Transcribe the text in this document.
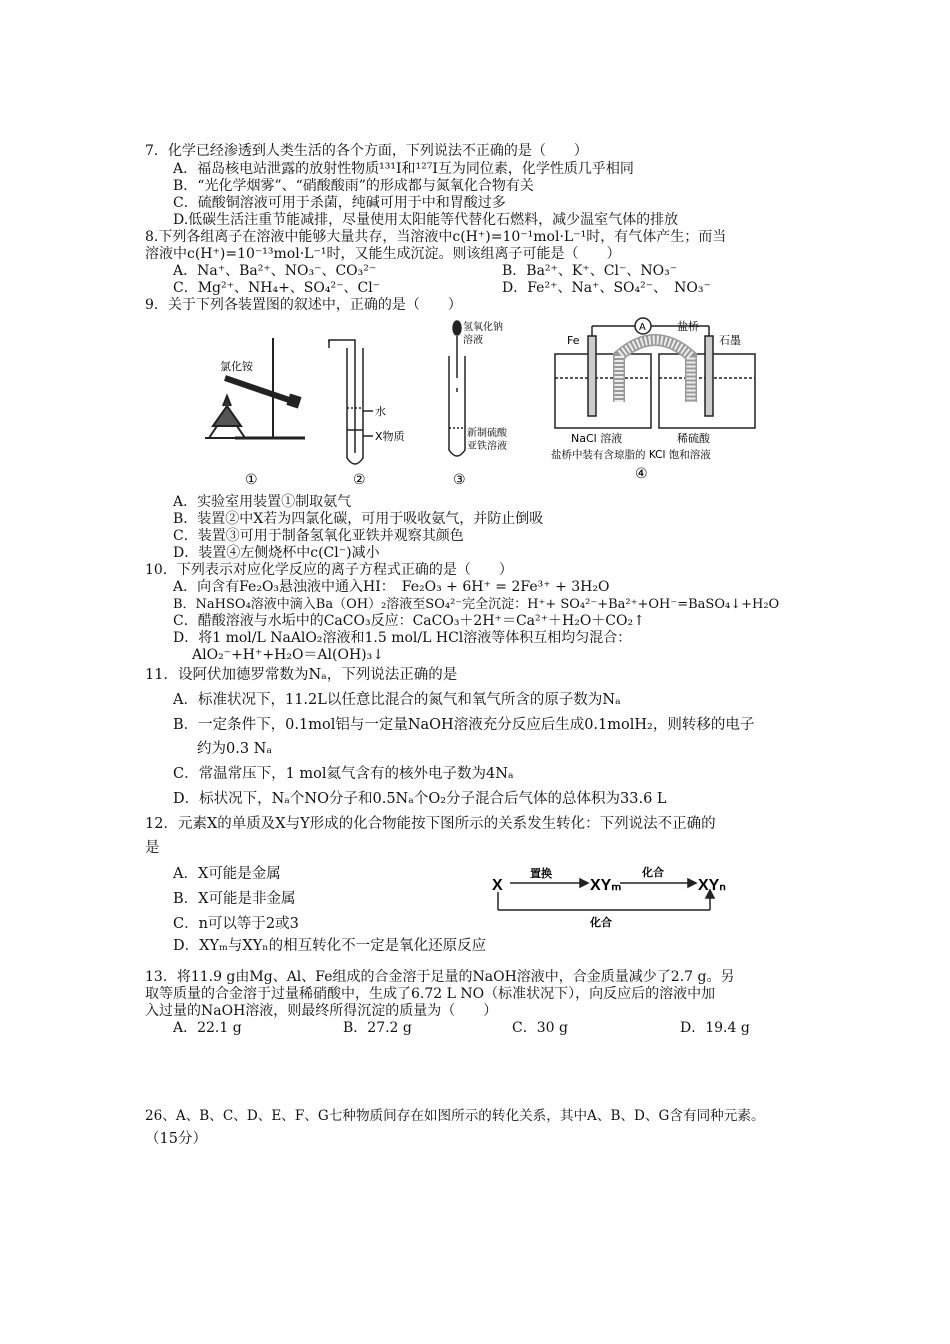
7．化学已经渗透到人类生活的各个方面，下列说法不正确的是（　　）
A．福岛核电站泄露的放射性物质¹³¹I和¹²⁷I互为同位素，化学性质几乎相同
B．“光化学烟雾”、“硝酸酸雨”的形成都与氮氧化合物有关
C．硫酸铜溶液可用于杀菌，纯碱可用于中和胃酸过多
D.低碳生活注重节能减排，尽量使用太阳能等代替化石燃料，减少温室气体的排放
8.下列各组离子在溶液中能够大量共存，当溶液中c(H⁺)=10⁻¹mol·L⁻¹时，有气体产生；而当
溶液中c(H⁺)=10⁻¹³mol·L⁻¹时，又能生成沉淀。则该组离子可能是（　　）
A．Na⁺、Ba²⁺、NO₃⁻、CO₃²⁻	B．Ba²⁺、K⁺、Cl⁻、NO₃⁻
C．Mg²⁺、NH₄+、SO₄²⁻、Cl⁻	D．Fe²⁺、Na⁺、SO₄²⁻、　NO₃⁻
9．关于下列各装置图的叙述中，正确的是（　　）
氯化铵
水
X物质
氢氧化钠
溶液
新制硫酸
亚铁溶液
Fe
A	盐桥
石墨
NaCl 溶液	稀硫酸
盐桥中装有含琼脂的 KCl 饱和溶液
①	②	③	④
A．实验室用装置①制取氨气
B．装置②中X若为四氯化碳，可用于吸收氨气，并防止倒吸
C．装置③可用于制备氢氧化亚铁并观察其颜色
D．装置④左侧烧杯中c(Cl⁻)减小
10．下列表示对应化学反应的离子方程式正确的是（　　）
A．向含有Fe₂O₃悬浊液中通入HI：　Fe₂O₃ + 6H⁺ = 2Fe³⁺ + 3H₂O
B．NaHSO₄溶液中滴入Ba（OH）₂溶液至SO₄²⁻完全沉淀：H⁺+ SO₄²⁻+Ba²⁺+OH⁻=BaSO₄↓+H₂O
C．醋酸溶液与水垢中的CaCO₃反应：CaCO₃＋2H⁺＝Ca²⁺＋H₂O＋CO₂↑
D．将1 mol/L NaAlO₂溶液和1.5 mol/L HCl溶液等体积互相均匀混合：
AlO₂⁻+H⁺+H₂O＝Al(OH)₃↓
11．设阿伏加德罗常数为Nₐ，下列说法正确的是
A．标准状况下，11.2L以任意比混合的氮气和氧气所含的原子数为Nₐ
B．一定条件下，0.1mol铝与一定量NaOH溶液充分反应后生成0.1molH₂，则转移的电子
约为0.3 Nₐ
C．常温常压下，1 mol氦气含有的核外电子数为4Nₐ
D．标状况下，Nₐ个NO分子和0.5Nₐ个O₂分子混合后气体的总体积为33.6 L
12．元素X的单质及X与Y形成的化合物能按下图所示的关系发生转化：下列说法不正确的
是
A．X可能是金属
B．X可能是非金属
C．n可以等于2或3
D．XYₘ与XYₙ的相互转化不一定是氧化还原反应
X	XYₘ	XYₙ
置换	化合
化合
13．将11.9 g由Mg、Al、Fe组成的合金溶于足量的NaOH溶液中，合金质量减少了2.7 g。另
取等质量的合金溶于过量稀硝酸中，生成了6.72 L NO（标准状况下），向反应后的溶液中加
入过量的NaOH溶液，则最终所得沉淀的质量为（　　）
A．22.1 g	B．27.2 g	C．30 g	D．19.4 g
26、A、B、C、D、E、F、G七种物质间存在如图所示的转化关系，其中A、B、D、G含有同种元素。
（15分）
